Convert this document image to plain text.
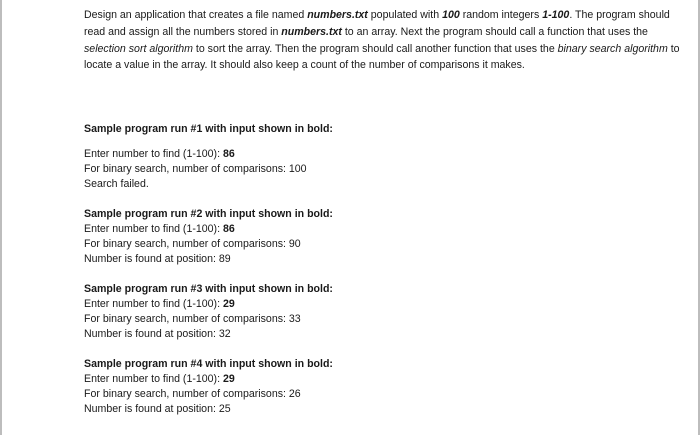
Design an application that creates a file named numbers.txt populated with 100 random integers 1-100. The program should read and assign all the numbers stored in numbers.txt to an array. Next the program should call a function that uses the selection sort algorithm to sort the array. Then the program should call another function that uses the binary search algorithm to locate a value in the array. It should also keep a count of the number of comparisons it makes.

Sample program run #1 with input shown in bold:
Enter number to find (1-100): 86
For binary search, number of comparisons: 100
Search failed.
Sample program run #2 with input shown in bold:
Enter number to find (1-100): 86
For binary search, number of comparisons: 90
Number is found at position: 89
Sample program run #3 with input shown in bold:
Enter number to find (1-100): 29
For binary search, number of comparisons: 33
Number is found at position: 32
Sample program run #4 with input shown in bold:
Enter number to find (1-100): 29
For binary search, number of comparisons: 26
Number is found at position: 25
